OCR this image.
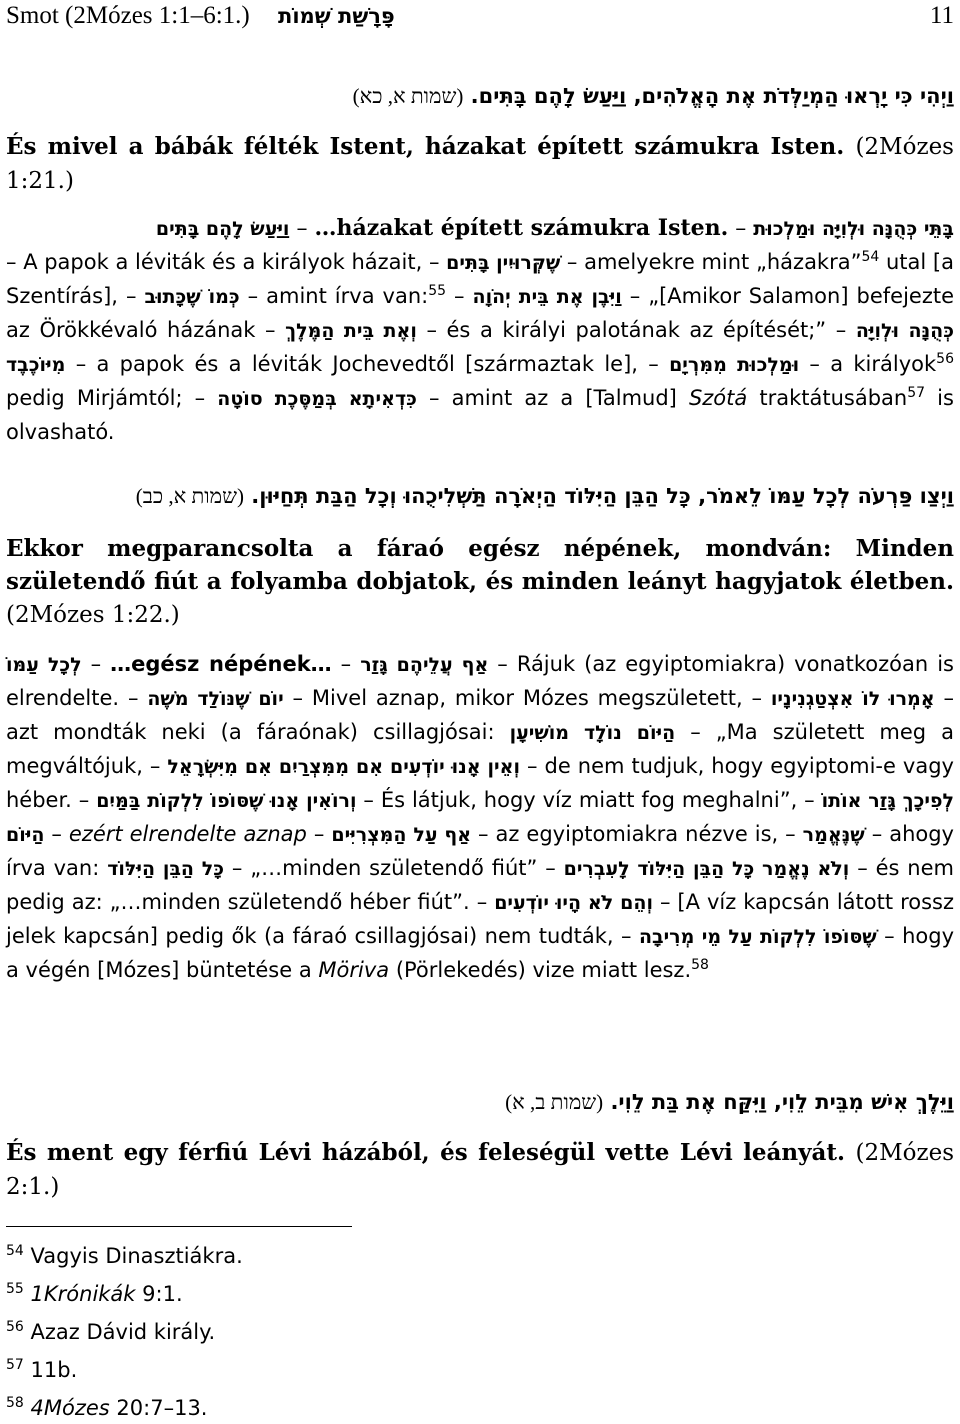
Smot (2Mózes 1:1–6:1.) פָּרָשַׁת שְׁמוֹת	11
וַיְהִי כִּי יָרְאוּ הַמְיַלְּדֹת אֶת הָאֱלֹהִים, וַיַּעַשׂ לָהֶם בָּתִּים. (שמות א, כא)
És mivel a bábák félték Istent, házakat épített számukra Isten. (2Mózes 1:21.)
וַיַּעַשׂ לָהֶם בָּתִּים – …házakat épített számukra Isten. – בָּתֵּי כְּהֻנָּה וּלְוִיָּה וּמַלְכוּת
– A papok a léviták és a királyok házait, – שֶׁקְּרוּיִין בָּתִּים – amelyekre mint „házakra”$^{54}$ utal [a Szentírás], – כְּמוֹ שֶׁכָּתוּב – amint írva van:$^{55}$ – וַיִּבֶן אֶת בֵּית יְהֹוָה – „[Amikor Salamon] befejezte az Örökkévaló házának – וְאֶת בֵּית הַמֶּלֶךְ – és a királyi palotának az építését;” – כְּהֻנָּה וּלְוִיָּה מִיּוֹכֶבֶד – a papok és a léviták Jochevedtől [származtak le], – וּמַלְכוּת מִמִּרְיָם – a királyok$^{56}$ pedig Mirjámtól; – כִּדְאִיתָא בְּמַסֶּכֶת סוֹטָה – amint az a [Talmud] Szótá traktátusában$^{57}$ is olvasható.
וַיְצַו פַּרְעֹה לְכָל עַמּוֹ לֵאמֹר, כָּל הַבֵּן הַיִּלּוֹד הַיְאֹרָה תַּשְׁלִיכֻהוּ וְכָל הַבַּת תְּחַיּוּן. (שמות א, כב)
Ekkor megparancsolta a fáraó egész népének, mondván: Minden születendő fiút a folyamba dobjatok, és minden leányt hagyjatok életben. (2Mózes 1:22.)
לְכָל עַמּוֹ – …egész népének… – אַף עֲלֵיהֶם גָּזַר – Rájuk (az egyiptomiakra) vonatkozóan is elrendelte. – יוֹם שֶׁנּוֹלַד מֹשֶׁה – Mivel aznap, mikor Mózes megszületett, – אָמְרוּ לוֹ אִצְטַגְנִינָיו – azt mondták neki (a fáraónak) csillagjósai: הַיּוֹם נוֹלָד מוֹשִׁיעָן – „Ma született meg a megváltójuk, – וְאֵין אָנוּ יוֹדְעִים אִם מִמִּצְרַיִם אִם מִיִּשְׂרָאֵל – de nem tudjuk, hogy egyiptomi-e vagy héber. – וְרוֹאִין אָנוּ שֶׁסּוֹפוֹ לִלְקוֹת בַּמַּיִם – És látjuk, hogy víz miatt fog meghalni”, – לְפִיכָךְ גָּזַר אוֹתוֹ הַיּוֹם – ezért elrendelte aznap – אַף עַל הַמִּצְרִיִּים – az egyiptomiakra nézve is, – שֶׁנֶּאֱמַר – ahogy írva van: כָּל הַבֵּן הַיִּלּוֹד – „…minden születendő fiút” – וְלֹא נֶאֱמַר כָּל הַבֵּן הַיִּלּוֹד לָעִבְרִים – és nem pedig az: „…minden születendő héber fiút”. – וְהֵם לֹא הָיוּ יוֹדְעִים – [A víz kapcsán látott rossz jelek kapcsán] pedig ők (a fáraó csillagjósai) nem tudták, –	שֶׁסּוֹפוֹ לִלְקוֹת עַל מֵי מְרִיבָה	– hogy a végén [Mózes] büntetése a Möriva (Pörlekedés) vize miatt lesz.$^{58}$
וַיֵּלֶךְ אִישׁ מִבֵּית לֵוִי, וַיִּקַּח אֶת בַּת לֵוִי. (שמות ב, א)
És ment egy férfiú Lévi házából, és feleségül vette Lévi leányát. (2Mózes 2:1.)
$^{54}$ Vagyis Dinasztiákra.
$^{55}$ 1Krónikák 9:1.
$^{56}$ Azaz Dávid király.
$^{57}$ 11b.
$^{58}$ 4Mózes 20:7–13.
